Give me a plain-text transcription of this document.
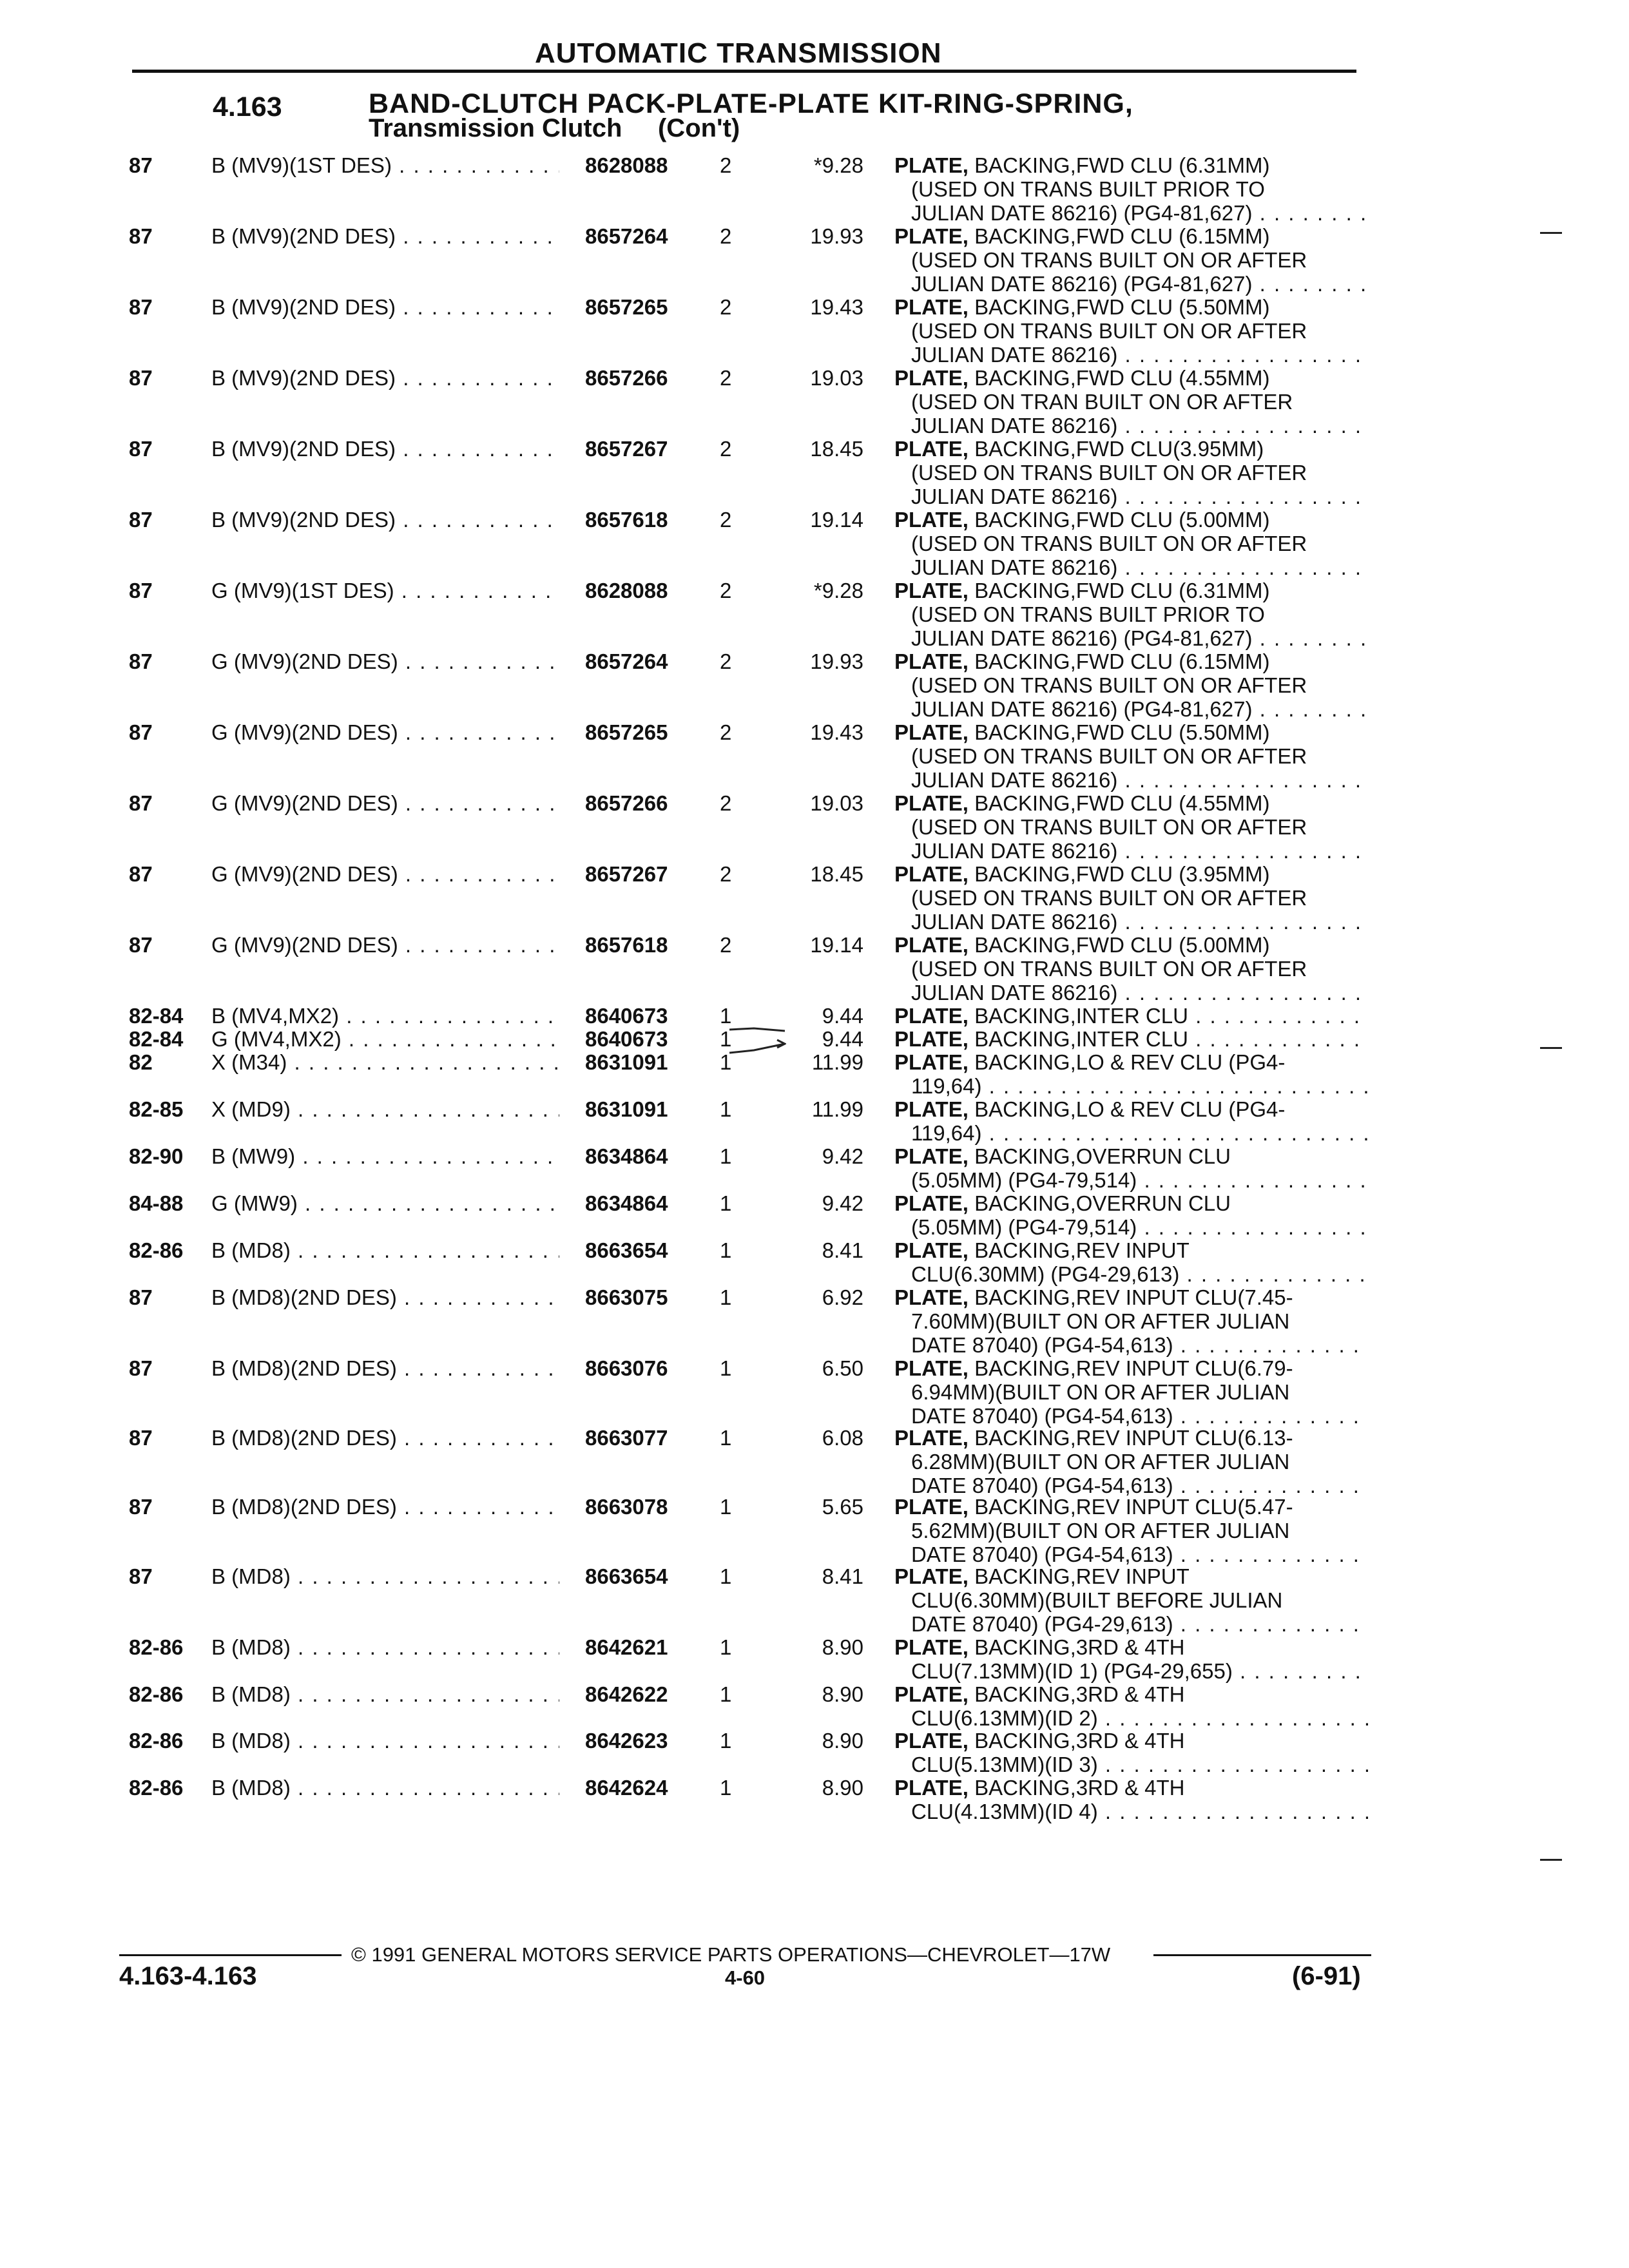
AUTOMATIC TRANSMISSION
4.163	BAND-CLUTCH PACK-PLATE-PLATE KIT-RING-SPRING,
Transmission Clutch     (Con't)
87	B (MV9)(1ST DES) . . .	8628088 2	*9.28 PLATE, BACKING,FWD CLU (6.31MM)
(USED ON TRANS BUILT PRIOR TO
JULIAN DATE 86216) (PG4-81,627) . . .
87	B (MV9)(2ND DES) . . .	8657264 2	19.93 PLATE, BACKING,FWD CLU (6.15MM)
(USED ON TRANS BUILT ON OR AFTER
JULIAN DATE 86216) (PG4-81,627) . . .
87	B (MV9)(2ND DES) . . .	8657265 2	19.43 PLATE, BACKING,FWD CLU (5.50MM)
(USED ON TRANS BUILT ON OR AFTER
JULIAN DATE 86216) . . .
87	B (MV9)(2ND DES) . . .	8657266 2	19.03 PLATE, BACKING,FWD CLU (4.55MM)
(USED ON TRAN BUILT ON OR AFTER
JULIAN DATE 86216) . . .
87	B (MV9)(2ND DES) . . .	8657267 2	18.45 PLATE, BACKING,FWD CLU(3.95MM)
(USED ON TRANS BUILT ON OR AFTER
JULIAN DATE 86216) . . .
87	B (MV9)(2ND DES) . . .	8657618 2	19.14 PLATE, BACKING,FWD CLU (5.00MM)
(USED ON TRANS BUILT ON OR AFTER
JULIAN DATE 86216) . . .
87	G (MV9)(1ST DES) . . .	8628088 2	*9.28 PLATE, BACKING,FWD CLU (6.31MM)
(USED ON TRANS BUILT PRIOR TO
JULIAN DATE 86216) (PG4-81,627) . . .
87	G (MV9)(2ND DES) . . .	8657264 2	19.93 PLATE, BACKING,FWD CLU (6.15MM)
(USED ON TRANS BUILT ON OR AFTER
JULIAN DATE 86216) (PG4-81,627) . . .
87	G (MV9)(2ND DES) . . .	8657265 2	19.43 PLATE, BACKING,FWD CLU (5.50MM)
(USED ON TRANS BUILT ON OR AFTER
JULIAN DATE 86216) . . .
87	G (MV9)(2ND DES) . . .	8657266 2	19.03 PLATE, BACKING,FWD CLU (4.55MM)
(USED ON TRANS BUILT ON OR AFTER
JULIAN DATE 86216) . . .
87	G (MV9)(2ND DES) . . .	8657267 2	18.45 PLATE, BACKING,FWD CLU (3.95MM)
(USED ON TRANS BUILT ON OR AFTER
JULIAN DATE 86216) . . .
87	G (MV9)(2ND DES) . . .	8657618 2	19.14 PLATE, BACKING,FWD CLU (5.00MM)
(USED ON TRANS BUILT ON OR AFTER
JULIAN DATE 86216) . . .
82-84 B (MV4,MX2) . . .	8640673 1	9.44 PLATE, BACKING,INTER CLU . . .
82-84 G (MV4,MX2) . . .	8640673 1	9.44 PLATE, BACKING,INTER CLU . . .
82	X (M34) . . .	8631091 1	11.99 PLATE, BACKING,LO & REV CLU (PG4-
119,64) . . .
82-85 X (MD9) . . .	8631091 1	11.99 PLATE, BACKING,LO & REV CLU (PG4-
119,64) . . .
82-90 B (MW9) . . .	8634864 1	9.42 PLATE, BACKING,OVERRUN CLU
(5.05MM) (PG4-79,514) . . .
84-88 G (MW9) . . .	8634864 1	9.42 PLATE, BACKING,OVERRUN CLU
(5.05MM) (PG4-79,514) . . .
82-86 B (MD8) . . .	8663654 1	8.41 PLATE, BACKING,REV INPUT
CLU(6.30MM) (PG4-29,613) . . .
87	B (MD8)(2ND DES) . . .	8663075 1	6.92 PLATE, BACKING,REV INPUT CLU(7.45-
7.60MM)(BUILT ON OR AFTER JULIAN
DATE 87040) (PG4-54,613) . . .
87	B (MD8)(2ND DES) . . .	8663076 1	6.50 PLATE, BACKING,REV INPUT CLU(6.79-
6.94MM)(BUILT ON OR AFTER JULIAN
DATE 87040) (PG4-54,613) . . .
87	B (MD8)(2ND DES) . . .	8663077 1	6.08 PLATE, BACKING,REV INPUT CLU(6.13-
6.28MM)(BUILT ON OR AFTER JULIAN
DATE 87040) (PG4-54,613) . . .
87	B (MD8)(2ND DES) . . .	8663078 1	5.65 PLATE, BACKING,REV INPUT CLU(5.47-
5.62MM)(BUILT ON OR AFTER JULIAN
DATE 87040) (PG4-54,613) . . .
87	B (MD8) . . .	8663654 1	8.41 PLATE, BACKING,REV INPUT
CLU(6.30MM)(BUILT BEFORE JULIAN
DATE 87040) (PG4-29,613) . . .
82-86 B (MD8) . . .	8642621 1	8.90 PLATE, BACKING,3RD & 4TH
CLU(7.13MM)(ID 1) (PG4-29,655) . . .
82-86 B (MD8) . . .	8642622 1	8.90 PLATE, BACKING,3RD & 4TH
CLU(6.13MM)(ID 2) . . .
82-86 B (MD8) . . .	8642623 1	8.90 PLATE, BACKING,3RD & 4TH
CLU(5.13MM)(ID 3) . . .
82-86 B (MD8) . . .	8642624 1	8.90 PLATE, BACKING,3RD & 4TH
CLU(4.13MM)(ID 4) . . .
© 1991 GENERAL MOTORS SERVICE PARTS OPERATIONS—CHEVROLET—17W
4.163-4.163	4-60	(6-91)
